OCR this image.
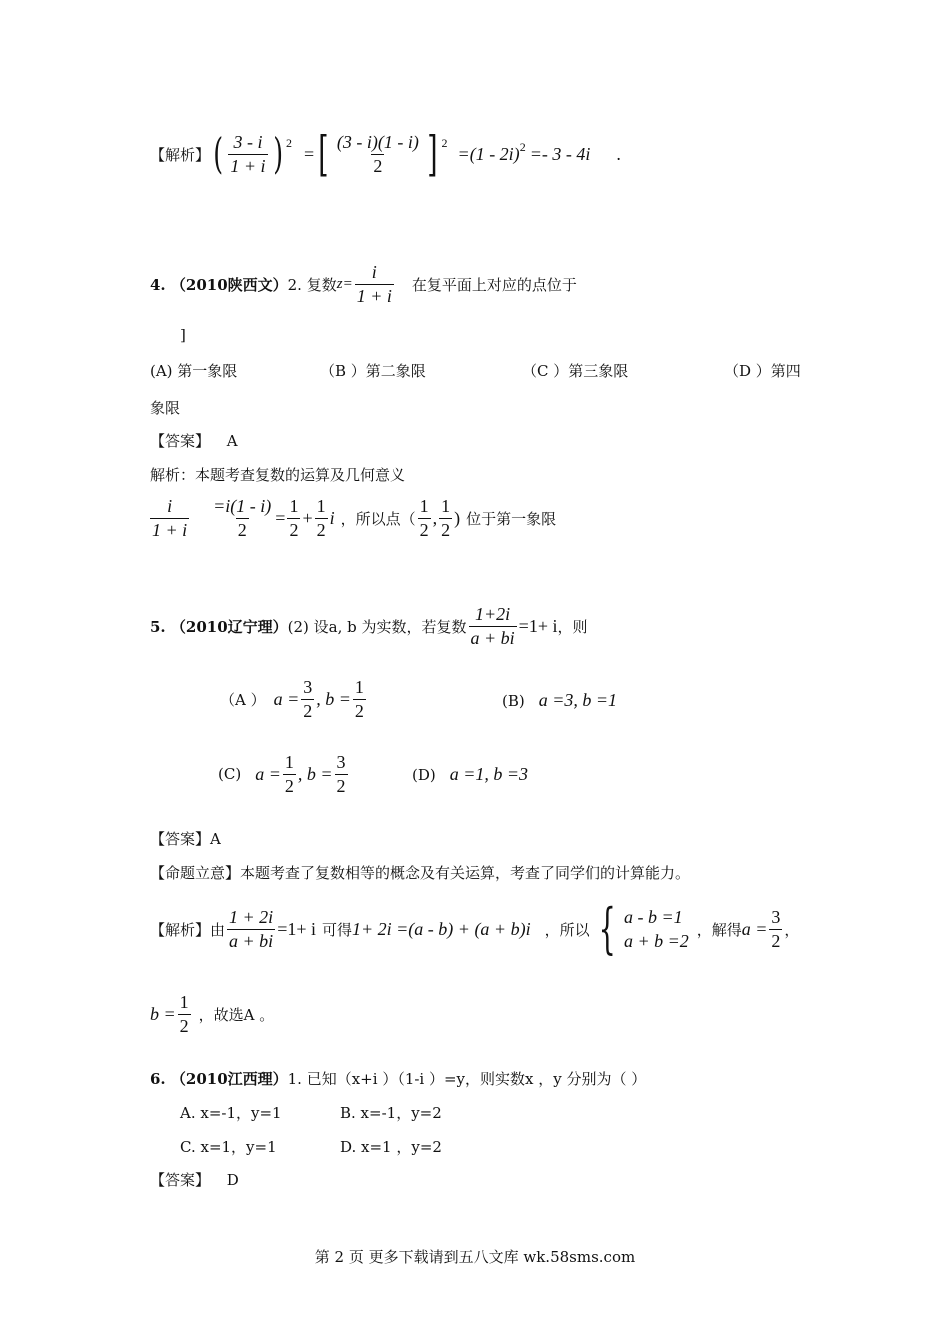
【解析】 ( $\frac{3 - i}{1 + i}$ ) 2
= [ $\frac{(3 - i)(1 - i)}{2}$ ] 2
=(1 - 2i) 2 =- 3 - 4i .
4. （2010陕西文） 2. 复数 $z= \frac{i}{1 + i}$ 在复平面上对应的点位于
]
(A) 第一象限	（B ）第二象限	（C ）第三象限	（D ）第四
象限
【答案】 A
解析：本题考查复数的运算及几何意义
$\frac{i}{1 + i} \frac{=i(1 - i)}{2} = \frac{1}{2} + \frac{1}{2}$ i ，所以点（ $\frac{1}{2}$ , $\frac{1}{2}$ ) 位于第一象限
5. （2010辽宁理） (2) 设a, b 为实数，若复数 $\frac{1+2i}{a + bi} =1+ i$ ，则
（A ） $a = \frac{3}{2}$ , $b = \frac{1}{2}$	(B) a =3, b =1
(C) $a = \frac{1}{2}$ , $b = \frac{3}{2}$	(D) a =1, b =3
【答案】A
【命题立意】本题考查了复数相等的概念及有关运算，考查了同学们的计算能力。
【解析】 由 $\frac{1 + 2i}{a + bi} =1+ i$ 可得 1+ 2i =(a - b) + (a + b)i ，所以 { a - b =1
a + b =2
，解得 $a = \frac{3}{2}$ ，
$b = \frac{1}{2}$ ，故选A 。
6. （2010江西理）1. 已知（x+i ）（1-i ）=y，则实数x ，y 分别为（ ）
A. x=-1，y=1	B. x=-1，y=2
C. x=1，y=1	D. x=1 ，y=2
【答案】 D
第 2 页 更多下载请到五八文库 wk.58sms.com
